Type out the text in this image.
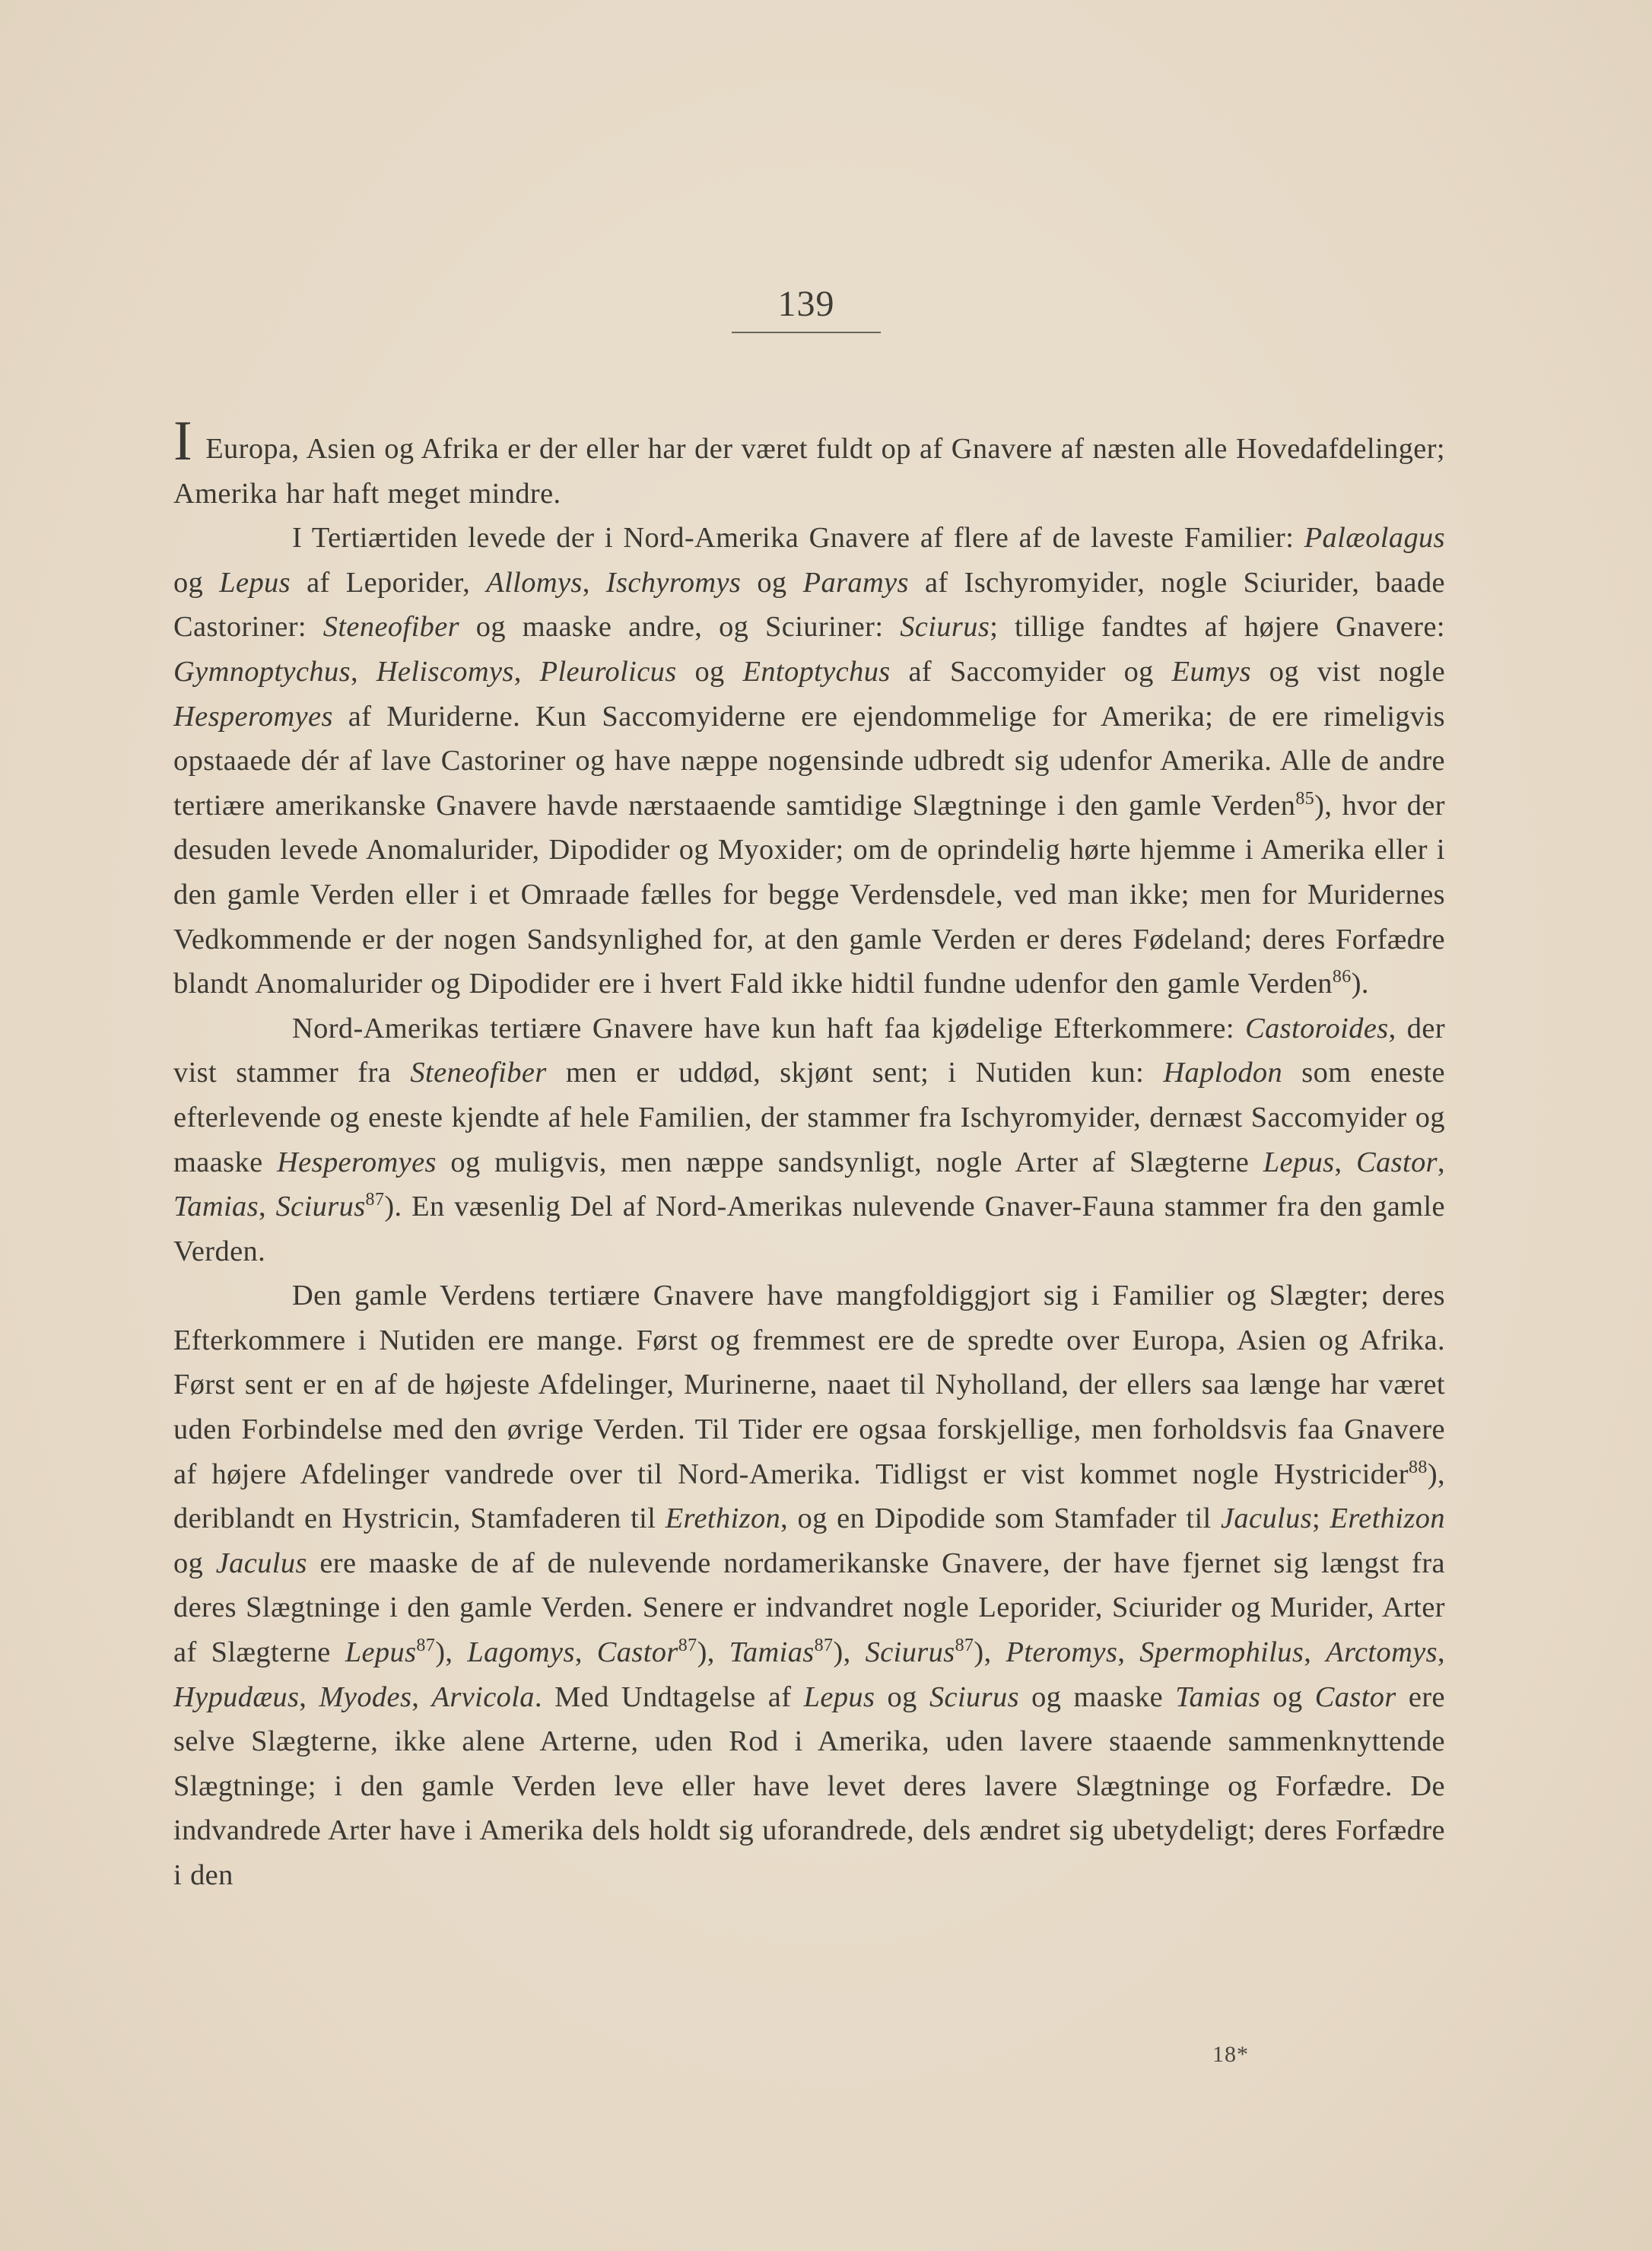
139

I Europa, Asien og Afrika er der eller har der været fuldt op af Gnavere af næsten alle Hovedafdelinger; Amerika har haft meget mindre.

I Tertiærtiden levede der i Nord-Amerika Gnavere af flere af de laveste Familier: Palæolagus og Lepus af Leporider, Allomys, Ischyromys og Paramys af Ischyromyider, nogle Sciurider, baade Castoriner: Steneofiber og maaske andre, og Sciuriner: Sciurus; tillige fandtes af højere Gnavere: Gymnoptychus, Heliscomys, Pleurolicus og Entoptychus af Saccomyider og Eumys og vist nogle Hesperomyes af Muriderne. Kun Saccomyiderne ere ejendommelige for Amerika; de ere rimeligvis opstaaede dér af lave Castoriner og have næppe nogensinde udbredt sig udenfor Amerika. Alle de andre tertiære amerikanske Gnavere havde nærstaaende samtidige Slægtninge i den gamle Verden$^{85}$), hvor der desuden levede Anomalurider, Dipodider og Myoxider; om de oprindelig hørte hjemme i Amerika eller i den gamle Verden eller i et Omraade fælles for begge Verdensdele, ved man ikke; men for Muridernes Vedkommende er der nogen Sandsynlighed for, at den gamle Verden er deres Fødeland; deres Forfædre blandt Anomalurider og Dipodider ere i hvert Fald ikke hidtil fundne udenfor den gamle Verden$^{86}$).

Nord-Amerikas tertiære Gnavere have kun haft faa kjødelige Efterkommere: Castoroides, der vist stammer fra Steneofiber men er uddød, skjønt sent; i Nutiden kun: Haplodon som eneste efterlevende og eneste kjendte af hele Familien, der stammer fra Ischyromyider, dernæst Saccomyider og maaske Hesperomyes og muligvis, men næppe sandsynligt, nogle Arter af Slægterne Lepus, Castor, Tamias, Sciurus$^{87}$). En væsenlig Del af Nord-Amerikas nulevende Gnaver-Fauna stammer fra den gamle Verden.

Den gamle Verdens tertiære Gnavere have mangfoldiggjort sig i Familier og Slægter; deres Efterkommere i Nutiden ere mange. Først og fremmest ere de spredte over Europa, Asien og Afrika. Først sent er en af de højeste Afdelinger, Murinerne, naaet til Nyholland, der ellers saa længe har været uden Forbindelse med den øvrige Verden. Til Tider ere ogsaa forskjellige, men forholdsvis faa Gnavere af højere Afdelinger vandrede over til Nord-Amerika. Tidligst er vist kommet nogle Hystricider$^{88}$), deriblandt en Hystricin, Stamfaderen til Erethizon, og en Dipodide som Stamfader til Jaculus; Erethizon og Jaculus ere maaske de af de nulevende nordamerikanske Gnavere, der have fjernet sig længst fra deres Slægtninge i den gamle Verden. Senere er indvandret nogle Leporider, Sciurider og Murider, Arter af Slægterne Lepus$^{87}$), Lagomys, Castor$^{87}$), Tamias$^{87}$), Sciurus$^{87}$), Pteromys, Spermophilus, Arctomys, Hypudæus, Myodes, Arvicola. Med Undtagelse af Lepus og Sciurus og maaske Tamias og Castor ere selve Slægterne, ikke alene Arterne, uden Rod i Amerika, uden lavere staaende sammenknyttende Slægtninge; i den gamle Verden leve eller have levet deres lavere Slægtninge og Forfædre. De indvandrede Arter have i Amerika dels holdt sig uforandrede, dels ændret sig ubetydeligt; deres Forfædre i den

18*
